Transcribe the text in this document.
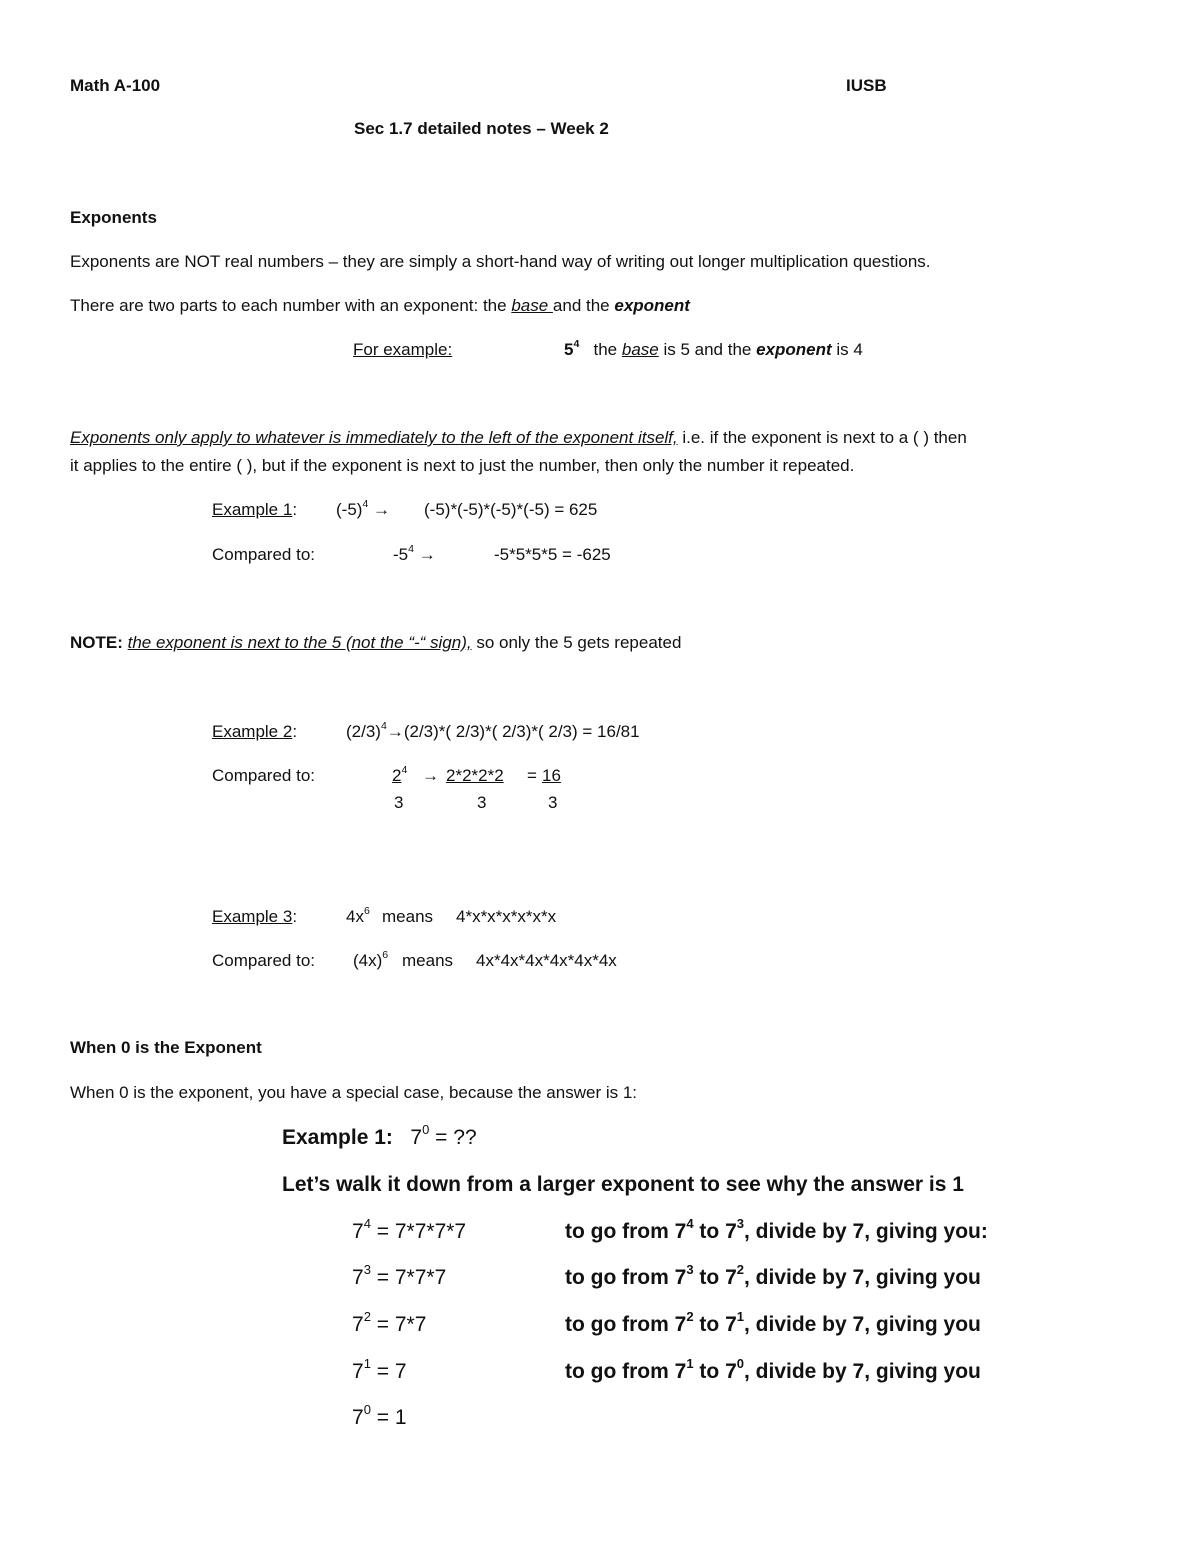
Math A-100	IUSB
Sec 1.7 detailed notes – Week 2
Exponents
Exponents are NOT real numbers – they are simply a short-hand way of writing out longer multiplication questions.
There are two parts to each number with an exponent: the base and the exponent
For example:	$5^4$ the base is 5 and the exponent is 4
Exponents only apply to whatever is immediately to the left of the exponent itself, i.e. if the exponent is next to a ( ) then
it applies to the entire ( ), but if the exponent is next to just the number, then only the number it repeated.
Example 1: $(-5)^4 \to (-5)*(-5)*(-5)*(-5) = 625$
Compared to:	$-5^4$ →	-5*5*5*5 = -625
NOTE: the exponent is next to the 5 (not the “-“ sign), so only the 5 gets repeated
Example 2:	$(2/3)^4\to(2/3)*$( 2/3)*( 2/3)*( 2/3) = 16/81
Compared to:	$2^4$
3
→ 2*2*2*2
3
= 16
3
Example 3:	$4x^6$ means 4*x*x*x*x*x*x
Compared to: $(4x)^6$ means 4x*4x*4x*4x*4x*4x
When 0 is the Exponent
When 0 is the exponent, you have a special case, because the answer is 1:
Example 1: $7^0$ = ??
Let’s walk it down from a larger exponent to see why the answer is 1
$7^4 = 7*7*7*7$	to go from $7^4$ to $7^3$, divide by 7, giving you:
$7^3 = 7*7*7$	to go from $7^3$ to $7^2$, divide by 7, giving you
$7^2 = 7*7$	to go from $7^2$ to $7^1$, divide by 7, giving you
$7^1 = 7$	to go from $7^1$ to $7^0$, divide by 7, giving you
$7^0 = 1$
